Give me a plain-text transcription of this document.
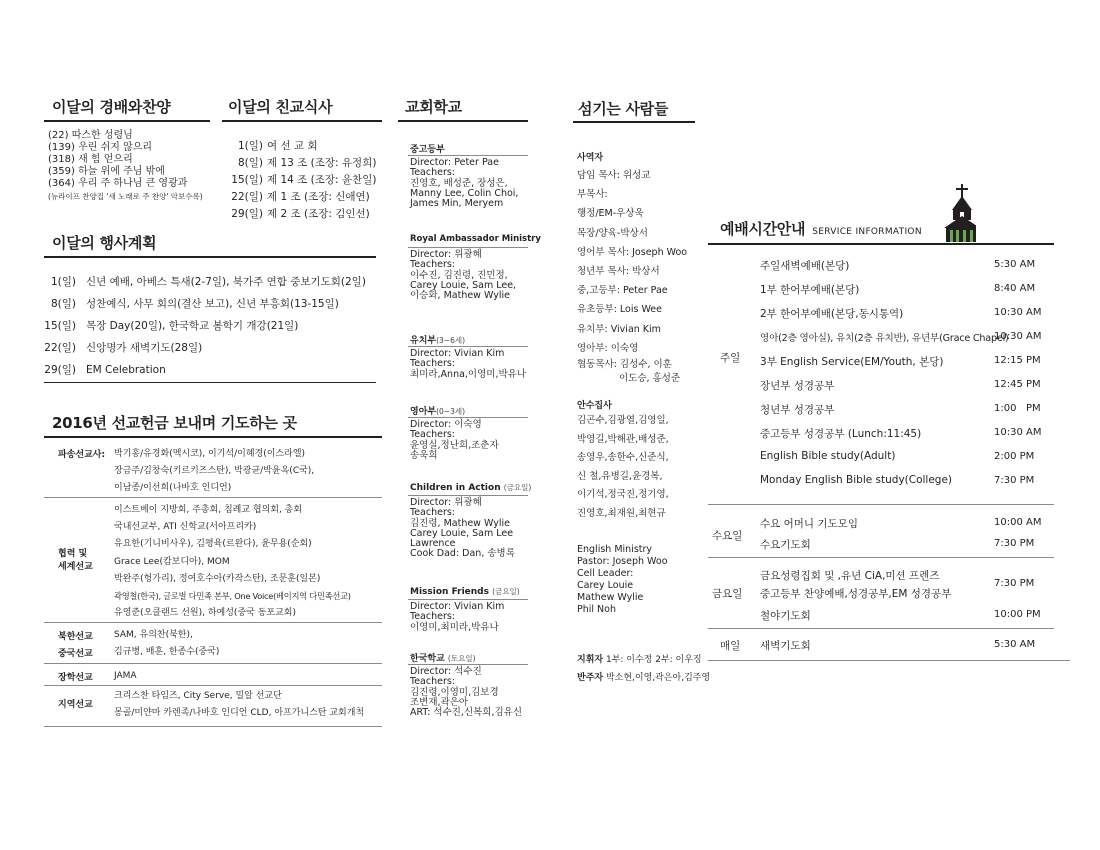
이달의 경배와찬양
(22) 따스한 성령님
(139) 우린 쉬지 않으리
(318) 새 힘 얻으리
(359) 하늘 위에 주님 밖에
(364) 우리 주 하나님 큰 영광과
(뉴라이프 찬양집 '새 노래로 주 찬양' 악보수록)
이달의 친교식사
1(일) 여 선 교 회
8(일) 제 13 조 (조장: 유정희)
15(일) 제 14 조 (조장: 윤찬일)
22(일) 제 1 조 (조장: 신애연)
29(일) 제 2 조 (조장: 김인선)
이달의 행사계획
1(일) 신년 예배, 아베스 특새(2-7일), 북가주 연합 중보기도회(2일)
8(일) 성찬예식, 사무 회의(결산 보고), 신년 부흥회(13-15일)
15(일) 목장 Day(20일), 한국학교 봄학기 개강(21일)
22(일) 신앙명가 새벽기도(28일)
29(일) EM Celebration
2016년 선교헌금 보내며 기도하는 곳
파송선교사: 박기홍/유경화(멕시코), 이기석/이혜경(이스라엘)
장금주/김창숙(키르키즈스탄), 박광균/박윤옥(C국),
이남종/이선희(나바호 인디언)
협력 및
세계선교
이스트베이 지방회, 주총회, 침례교 협의회, 총회
국내선교부, ATI 신학교(서아프리카)
유요한(기니비사우), 김평육(르완다), 윤무용(순회)
Grace Lee(캄보디아), MOM
박완주(헝가리), 정여호수아(카작스탄), 조문훈(일본)
곽영철(한국), 글로벌 다민족 본부, One Voice(베이지역 다민족선교)
유영준(오클랜드 선원), 하예성(중국 동포교회)
북한선교
중국선교
SAM, 유의찬(북한),
김규병, 배훈, 한종수(중국)
장학선교 JAMA
지역선교
크리스찬 타임즈, City Serve, 밀알 선교단
몽골/미얀마 카렌족/나바호 인디언 CLD, 아프가니스탄 교회개척
교회학교
중고등부
Director: Peter Pae
Teachers:
진영호, 배성준, 장성은,
Manny Lee, Colin Choi,
James Min, Meryem
Royal Ambassador Ministry
Director: 위광혜
Teachers:
이수진, 김진령, 진민정,
Carey Louie, Sam Lee,
이승화, Mathew Wylie
유치부(3~6세)
Director: Vivian Kim
Teachers:
최미라,Anna,이영미,박유나
영아부(0~3세)
Director: 이숙영
Teachers:
윤영실,정난희,조춘자
송욱희
Children in Action (금요일)
Director: 위광혜
Teachers:
김진령, Mathew Wylie
Carey Louie, Sam Lee
Lawrence
Cook Dad: Dan, 송병록
Mission Friends (금요일)
Director: Vivian Kim
Teachers:
이영미,최미라,박유나
한국학교 (토요일)
Director: 석수진
Teachers:
김진령,이영미,김보경
조변재,곽은아
ART: 석수진,신복희,김유신
섬기는 사람들
사역자
담임 목사: 위성교
부목사:
행정/EM-우상욱
목장/양육-박상서
영어부 목사: Joseph Woo
청년부 목사: 박상서
중,고등부: Peter Pae
유초등부: Lois Wee
유치부: Vivian Kim
영아부: 이숙영
협동목사: 김성수, 이훈
이도승, 홍성준
안수집사
김곤수,김광열,김영일,
박영길,박해관,배성준,
송영우,송한수,신준식,
신 철,유병길,윤경복,
이기석,정국진,정기영,
진영호,최재원,최현규
English Ministry
Pastor: Joseph Woo
Cell Leader:
Carey Louie
Mathew Wylie
Phil Noh
지휘자 1부: 이수정 2부: 이우징
반주자 박소현,이영,곽은아,김주영
예배시간안내 SERVICE INFORMATION
주일
주일새벽예배(본당)
1부 한어부예배(본당)
2부 한어부예배(본당,동시통역)
영아(2층 영아실), 유치(2층 유치반), 유년부(Grace Chapel)
3부 English Service(EM/Youth, 본당)
장년부 성경공부
청년부 성경공부
중고등부 성경공부 (Lunch:11:45)
English Bible study(Adult)
Monday English Bible study(College)
5:30 AM
8:40 AM
10:30 AM
10:30 AM
12:15 PM
12:45 PM
1:00   PM
10:30 AM
2:00 PM
7:30 PM
수요일
수요 어머니 기도모임
수요기도회
10:00 AM
7:30 PM
금요일
금요성령집회 및 ,유년 CiA,미션 프렌즈
중고등부 찬양예배,성경공부,EM 성경공부
철야기도회
7:30 PM
10:00 PM
매일 새벽기도회	5:30 AM
